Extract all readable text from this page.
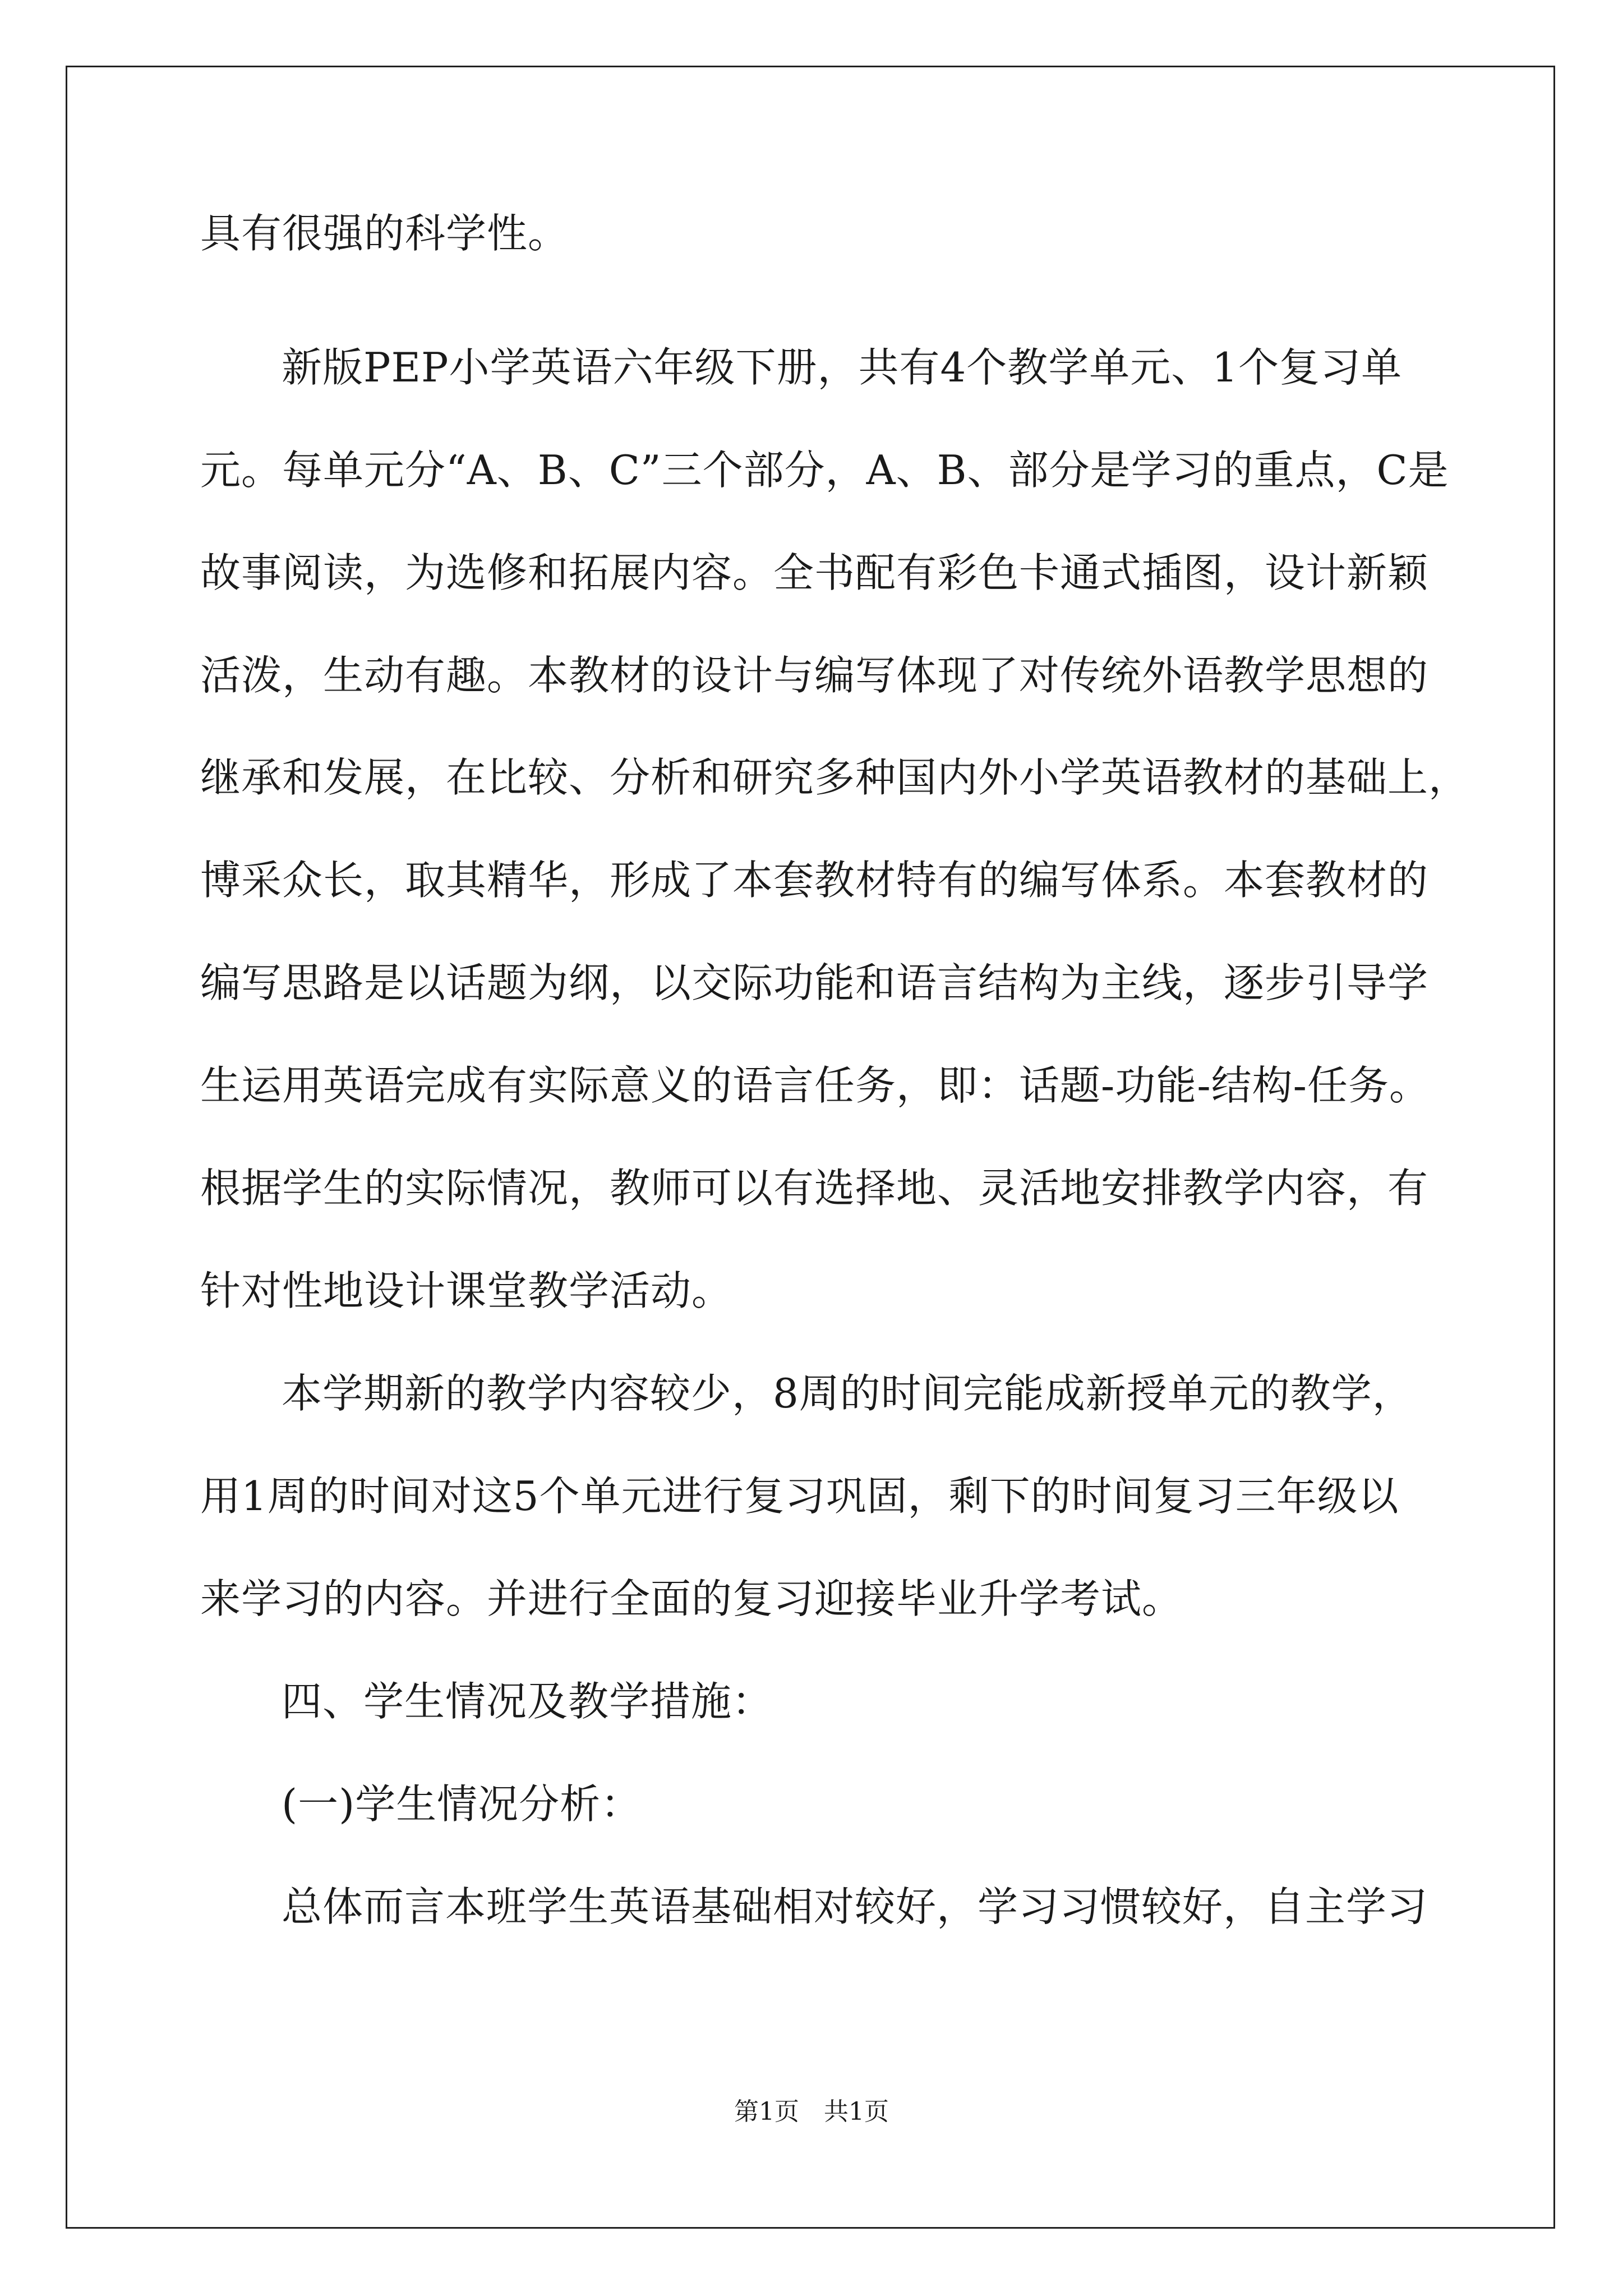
具有很强的科学性。
新版PEP小学英语六年级下册，共有4个教学单元、1个复习单
元。每单元分“A、B、C”三个部分，A、B、部分是学习的重点，C是
故事阅读，为选修和拓展内容。全书配有彩色卡通式插图，设计新颖
活泼，生动有趣。本教材的设计与编写体现了对传统外语教学思想的
继承和发展，在比较、分析和研究多种国内外小学英语教材的基础上，
博采众长，取其精华，形成了本套教材特有的编写体系。本套教材的
编写思路是以话题为纲，以交际功能和语言结构为主线，逐步引导学
生运用英语完成有实际意义的语言任务，即：话题-功能-结构-任务。
根据学生的实际情况，教师可以有选择地、灵活地安排教学内容，有
针对性地设计课堂教学活动。
本学期新的教学内容较少，8周的时间完能成新授单元的教学，
用1周的时间对这5个单元进行复习巩固，剩下的时间复习三年级以
来学习的内容。并进行全面的复习迎接毕业升学考试。
四、学生情况及教学措施：
(一)学生情况分析：
总体而言本班学生英语基础相对较好，学习习惯较好，自主学习
第1页　共1页
